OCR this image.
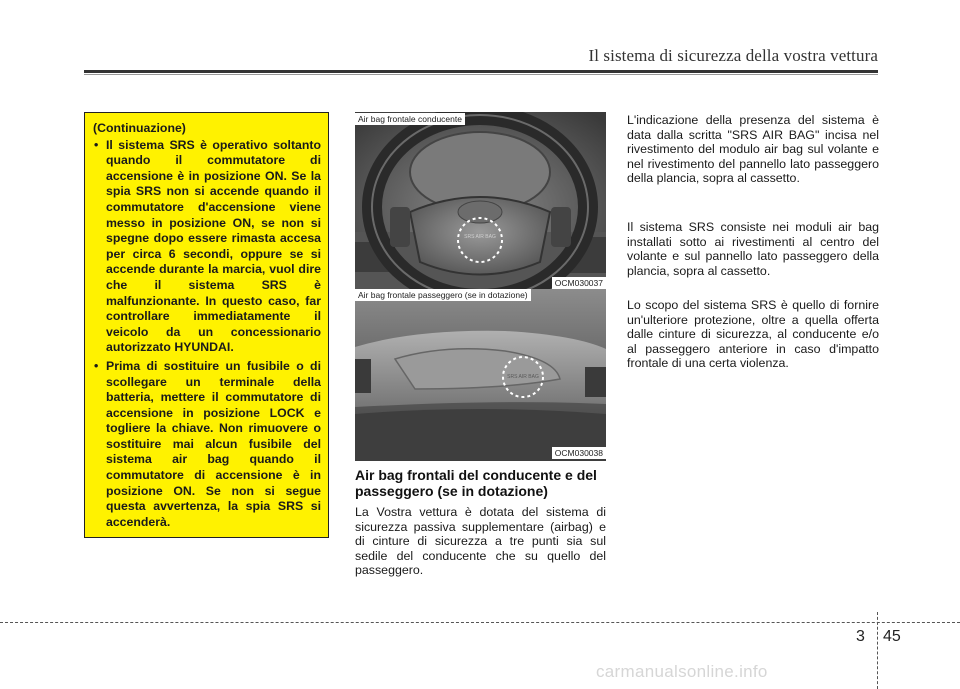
Il sistema di sicurezza della vostra vettura
(Continuazione)
• Il sistema SRS è operativo soltanto quando il commutatore di accensione è in posizione ON. Se la spia SRS non si accende quando il commutatore d'accensione viene messo in posizione ON, se non si spegne dopo essere rimasta accesa per circa 6 secondi, oppure se si accende durante la marcia, vuol dire che il sistema SRS è malfunzionante. In questo caso, far controllare immediatamente il veicolo da un concessionario autorizzato HYUNDAI.
• Prima di sostituire un fusibile o di scollegare un terminale della batteria, mettere il commutatore di accensione in posizione LOCK e togliere la chiave. Non rimuovere o sostituire mai alcun fusibile del sistema air bag quando il commutatore di accensione è in posizione ON. Se non si segue questa avvertenza, la spia SRS si accenderà.
SRS AIR BAG
Air bag frontale conducente
OCM030037
SRS AIR BAG
Air bag frontale passeggero (se in dotazione)
OCM030038
Air bag frontali del conducente e del passeggero (se in dotazione)

La Vostra vettura è dotata del sistema di sicurezza passiva supplementare (airbag) e di cinture di sicurezza a tre punti sia sul sedile del conducente che su quello del passeggero.

L'indicazione della presenza del sistema è data dalla scritta "SRS AIR BAG" incisa nel rivestimento del modulo air bag sul volante e nel rivestimento del pannello lato passeggero della plancia, sopra al cassetto.

Il sistema SRS consiste nei moduli air bag installati sotto ai rivestimenti al centro del volante e sul pannello lato passeggero della plancia, sopra al cassetto.

Lo scopo del sistema SRS è quello di fornire un'ulteriore protezione, oltre a quella offerta dalle cinture di sicurezza, al conducente e/o al passeggero anteriore in caso d'impatto frontale di una certa violenza.

3 45
carmanualsonline.info
